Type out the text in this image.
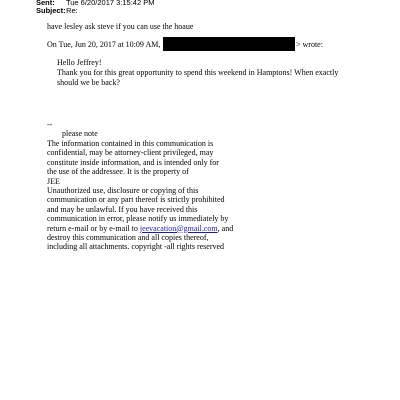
Sent: Tue 6/20/2017 3:15:42 PM
Subject: Re:
have lesley ask steve if you can use the hoaue
On Tue, Jun 20, 2017 at 10:09 AM,	> wrote:
Hello Jeffrey!
Thank you for this great opportunity to spend this weekend in Hamptons! When exactly
should we be back?
--
please note
The information contained in this communication is
confidential, may be attorney-client privileged, may
constitute inside information, and is intended only for
the use of the addressee. It is the property of
JEE
Unauthorized use, disclosure or copying of this
communication or any part thereof is strictly prohibited
and may be unlawful. If you have received this
communication in error, please notify us immediately by
return e-mail or by e-mail to jeevacation@gmail.com, and
destroy this communication and all copies thereof,
including all attachments. copyright -all rights reserved
